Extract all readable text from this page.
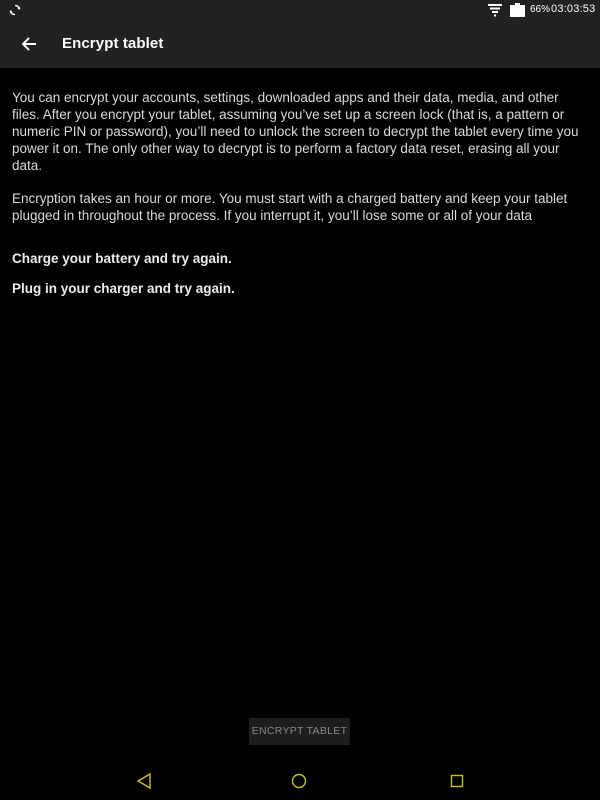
66% 03:03:53
Encrypt tablet

You can encrypt your accounts, settings, downloaded apps and their data, media, and other files. After you encrypt your tablet, assuming you’ve set up a screen lock (that is, a pattern or numeric PIN or password), you’ll need to unlock the screen to decrypt the tablet every time you power it on. The only other way to decrypt is to perform a factory data reset, erasing all your data.

Encryption takes an hour or more. You must start with a charged battery and keep your tablet plugged in throughout the process. If you interrupt it, you’ll lose some or all of your data

Charge your battery and try again.

Plug in your charger and try again.

ENCRYPT TABLET
